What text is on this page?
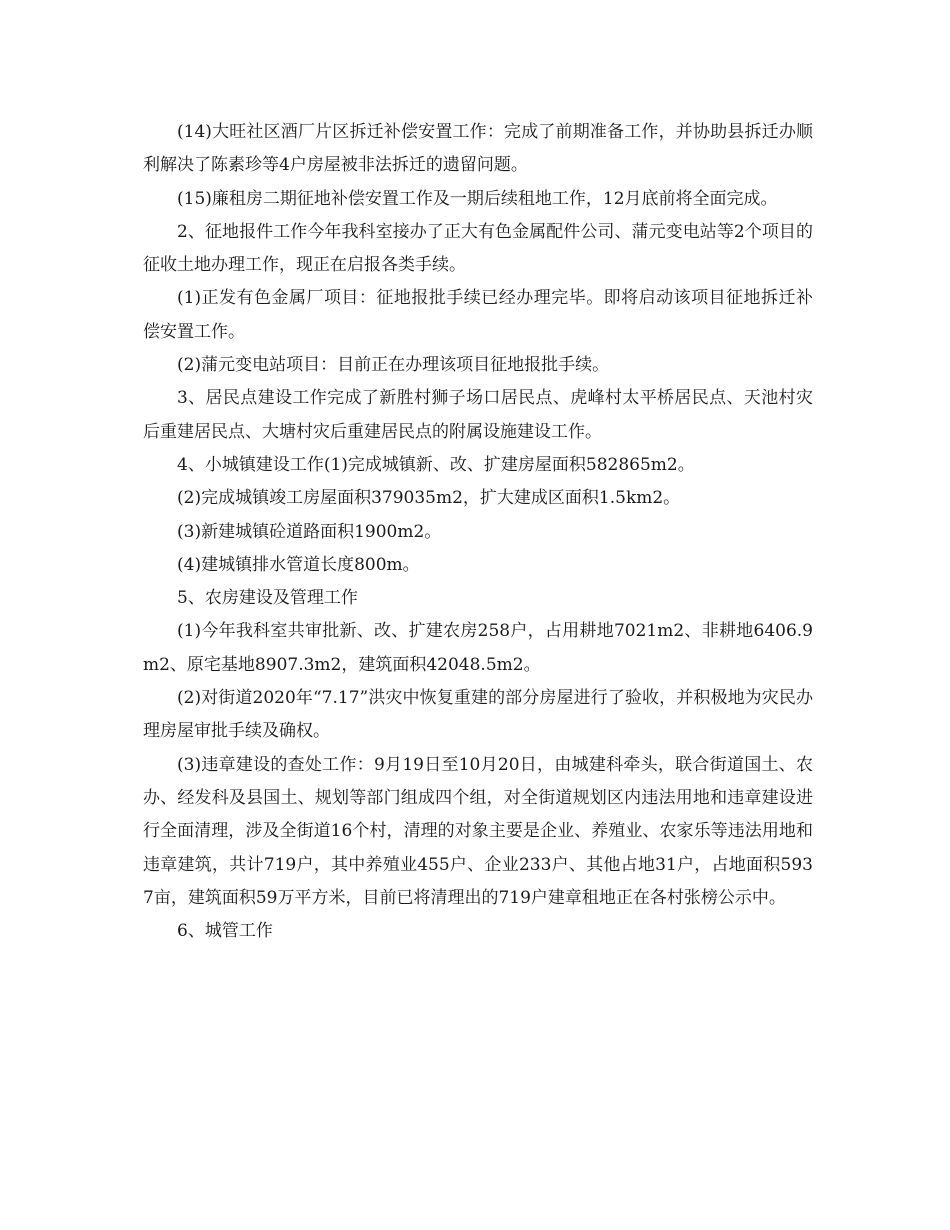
(14)大旺社区酒厂片区拆迁补偿安置工作：完成了前期准备工作，并协助县拆迁办顺利解决了陈素珍等4户房屋被非法拆迁的遗留问题。

(15)廉租房二期征地补偿安置工作及一期后续租地工作，12月底前将全面完成。

2、征地报件工作今年我科室接办了正大有色金属配件公司、蒲元变电站等2个项目的征收土地办理工作，现正在启报各类手续。

(1)正发有色金属厂项目：征地报批手续已经办理完毕。即将启动该项目征地拆迁补偿安置工作。

(2)蒲元变电站项目：目前正在办理该项目征地报批手续。

3、居民点建设工作完成了新胜村狮子场口居民点、虎峰村太平桥居民点、天池村灾后重建居民点、大塘村灾后重建居民点的附属设施建设工作。

4、小城镇建设工作(1)完成城镇新、改、扩建房屋面积582865m2。

(2)完成城镇竣工房屋面积379035m2，扩大建成区面积1.5km2。

(3)新建城镇砼道路面积1900m2。

(4)建城镇排水管道长度800m。

5、农房建设及管理工作

(1)今年我科室共审批新、改、扩建农房258户，占用耕地7021m2、非耕地6406.9m2、原宅基地8907.3m2，建筑面积42048.5m2。

(2)对街道2020年“7.17”洪灾中恢复重建的部分房屋进行了验收，并积极地为灾民办理房屋审批手续及确权。

(3)违章建设的查处工作：9月19日至10月20日，由城建科牵头，联合街道国土、农办、经发科及县国土、规划等部门组成四个组，对全街道规划区内违法用地和违章建设进行全面清理，涉及全街道16个村，清理的对象主要是企业、养殖业、农家乐等违法用地和违章建筑，共计719户，其中养殖业455户、企业233户、其他占地31户，占地面积5937亩，建筑面积59万平方米，目前已将清理出的719户建章租地正在各村张榜公示中。

6、城管工作
